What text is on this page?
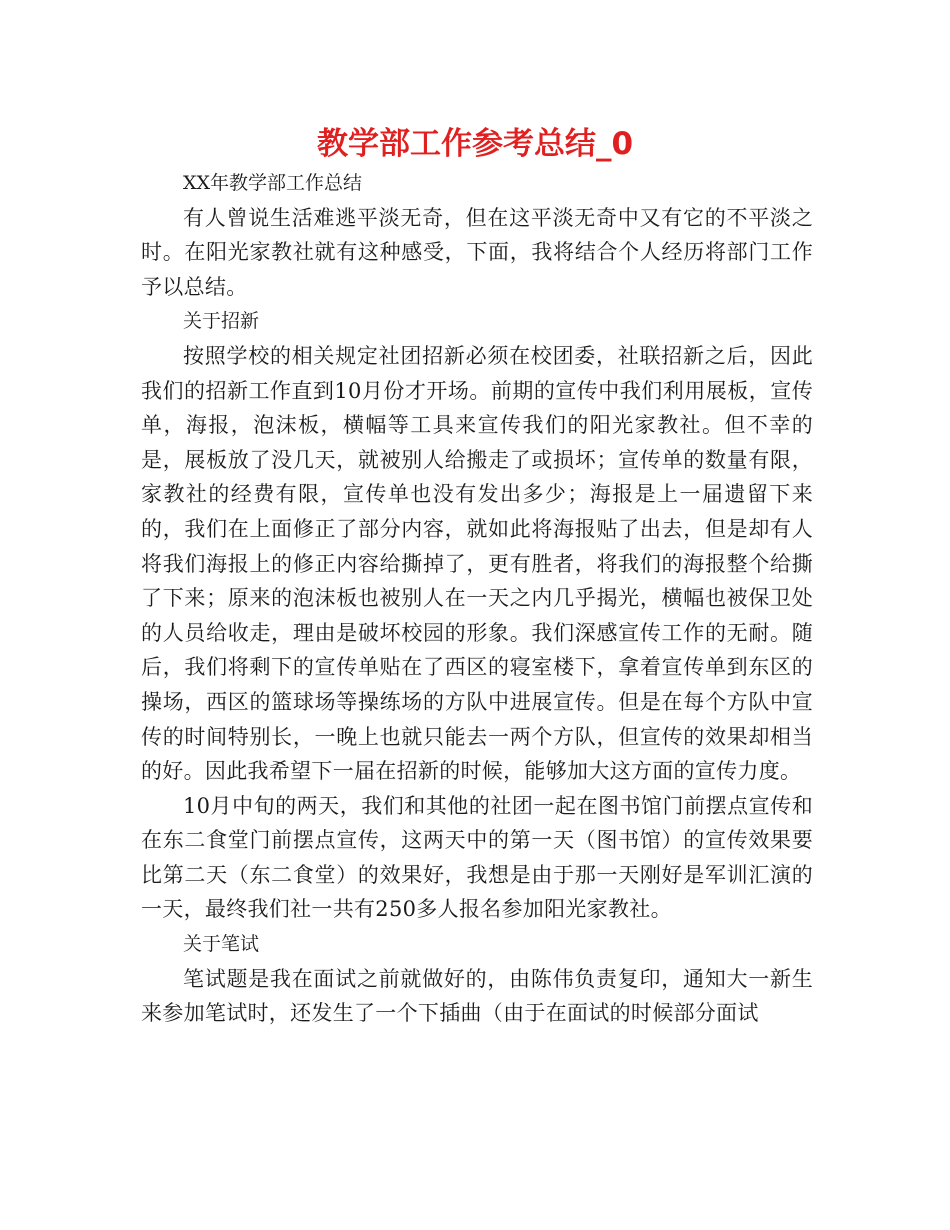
教学部工作参考总结_0

XX年教学部工作总结

有人曾说生活难逃平淡无奇，但在这平淡无奇中又有它的不平淡之时。在阳光家教社就有这种感受，下面，我将结合个人经历将部门工作予以总结。

关于招新

按照学校的相关规定社团招新必须在校团委，社联招新之后，因此我们的招新工作直到10月份才开场。前期的宣传中我们利用展板，宣传单，海报，泡沫板，横幅等工具来宣传我们的阳光家教社。但不幸的是，展板放了没几天，就被别人给搬走了或损坏；宣传单的数量有限，家教社的经费有限，宣传单也没有发出多少；海报是上一届遗留下来的，我们在上面修正了部分内容，就如此将海报贴了出去，但是却有人将我们海报上的修正内容给撕掉了，更有胜者，将我们的海报整个给撕了下来；原来的泡沫板也被别人在一天之内几乎揭光，横幅也被保卫处的人员给收走，理由是破坏校园的形象。我们深感宣传工作的无耐。随后，我们将剩下的宣传单贴在了西区的寝室楼下，拿着宣传单到东区的操场，西区的篮球场等操练场的方队中进展宣传。但是在每个方队中宣传的时间特别长，一晚上也就只能去一两个方队，但宣传的效果却相当的好。因此我希望下一届在招新的时候，能够加大这方面的宣传力度。

10月中旬的两天，我们和其他的社团一起在图书馆门前摆点宣传和在东二食堂门前摆点宣传，这两天中的第一天（图书馆）的宣传效果要比第二天（东二食堂）的效果好，我想是由于那一天刚好是军训汇演的一天，最终我们社一共有250多人报名参加阳光家教社。

关于笔试

笔试题是我在面试之前就做好的，由陈伟负责复印，通知大一新生来参加笔试时，还发生了一个下插曲（由于在面试的时候部分面试
